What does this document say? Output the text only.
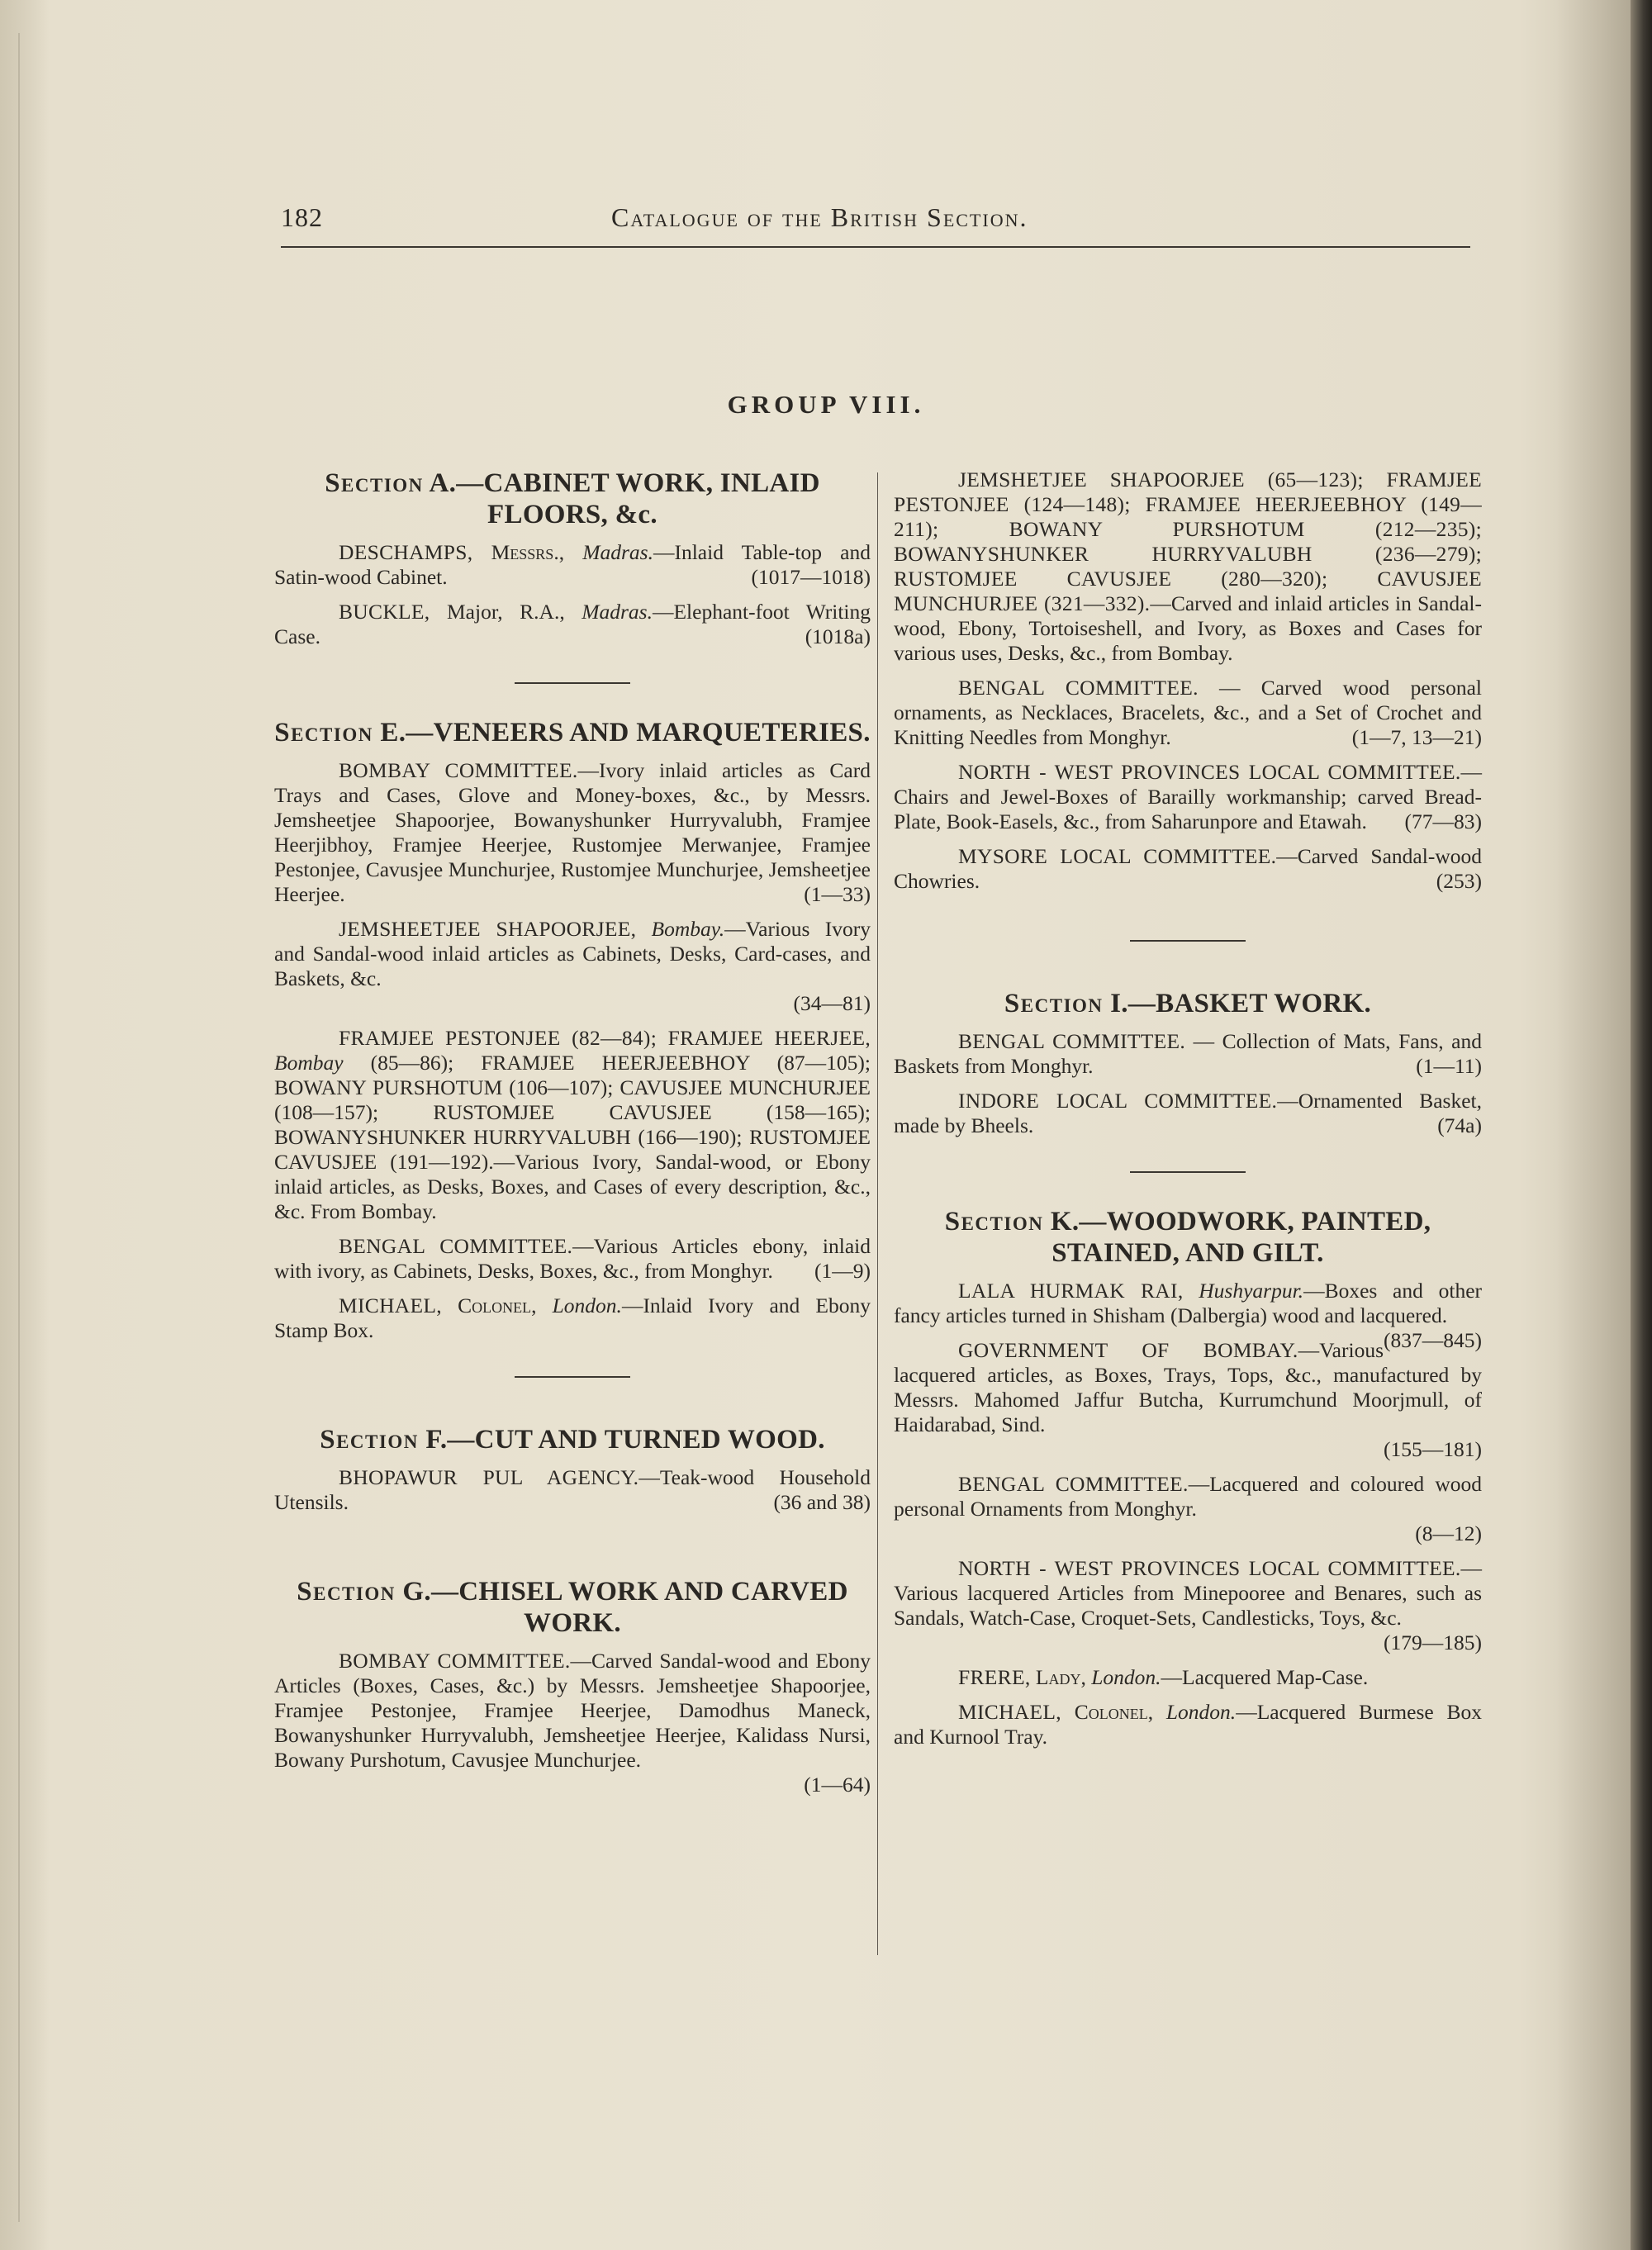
182	Catalogue of the British Section.
GROUP VIII.
Section A.—CABINET WORK, INLAID FLOORS, &c.

DESCHAMPS, Messrs., Madras.—Inlaid Table-top and Satin-wood Cabinet.	(1017—1018)

BUCKLE, Major, R.A., Madras.—Elephant-foot Writing Case.	(1018a)

Section E.—VENEERS AND MARQUETERIES.

BOMBAY COMMITTEE.—Ivory inlaid articles as Card Trays and Cases, Glove and Money-boxes, &c., by Messrs. Jemsheetjee Shapoorjee, Bowanyshunker Hurryvalubh, Framjee Heerjibhoy, Framjee Heerjee, Rustomjee Merwanjee, Framjee Pestonjee, Cavusjee Munchurjee, Rustomjee Munchurjee, Jemsheetjee Heerjee.	(1—33)

JEMSHEETJEE SHAPOORJEE, Bombay.—Various Ivory and Sandal-wood inlaid articles as Cabinets, Desks, Card-cases, and Baskets, &c.
(34—81)

FRAMJEE PESTONJEE (82—84); FRAMJEE HEERJEE, Bombay (85—86); FRAMJEE HEERJEEBHOY (87—105); BOWANY PURSHOTUM (106—107); CAVUSJEE MUNCHURJEE (108—157); RUSTOMJEE CAVUSJEE (158—165); BOWANYSHUNKER HURRYVALUBH (166—190); RUSTOMJEE CAVUSJEE (191—192).—Various Ivory, Sandal-wood, or Ebony inlaid articles, as Desks, Boxes, and Cases of every description, &c., &c. From Bombay.

BENGAL COMMITTEE.—Various Articles ebony, inlaid with ivory, as Cabinets, Desks, Boxes, &c., from Monghyr. (1—9)

MICHAEL, Colonel, London.—Inlaid Ivory and Ebony Stamp Box.

Section F.—CUT AND TURNED WOOD.

BHOPAWUR PUL AGENCY.—Teak-wood Household Utensils.	(36 and 38)

Section G.—CHISEL WORK AND CARVED WORK.

BOMBAY COMMITTEE.—Carved Sandal-wood and Ebony Articles (Boxes, Cases, &c.) by Messrs. Jemsheetjee Shapoorjee, Framjee Pestonjee, Framjee Heerjee, Damodhus Maneck, Bowanyshunker Hurryvalubh, Jemsheetjee Heerjee, Kalidass Nursi, Bowany Purshotum, Cavusjee Munchurjee.
(1—64)

JEMSHETJEE SHAPOORJEE (65—123); FRAMJEE PESTONJEE (124—148); FRAMJEE HEERJEEBHOY (149—211); BOWANY PURSHOTUM (212—235); BOWANYSHUNKER HURRYVALUBH (236—279); RUSTOMJEE CAVUSJEE (280—320); CAVUSJEE MUNCHURJEE (321—332).—Carved and inlaid articles in Sandal-wood, Ebony, Tortoiseshell, and Ivory, as Boxes and Cases for various uses, Desks, &c., from Bombay.

BENGAL COMMITTEE. — Carved wood personal ornaments, as Necklaces, Bracelets, &c., and a Set of Crochet and Knitting Needles from Monghyr.	(1—7, 13—21)

NORTH - WEST PROVINCES LOCAL COMMITTEE.—Chairs and Jewel-Boxes of Barailly workmanship; carved Bread-Plate, Book-Easels, &c., from Saharunpore and Etawah. (77—83)

MYSORE LOCAL COMMITTEE.—Carved Sandal-wood Chowries.	(253)

Section I.—BASKET WORK.

BENGAL COMMITTEE. — Collection of Mats, Fans, and Baskets from Monghyr.	(1—11)

INDORE LOCAL COMMITTEE.—Ornamented Basket, made by Bheels.	(74a)

Section K.—WOODWORK, PAINTED, STAINED, AND GILT.

LALA HURMAK RAI, Hushyarpur.—Boxes and other fancy articles turned in Shisham (Dalbergia) wood and lacquered.
(837—845)

GOVERNMENT OF BOMBAY.—Various lacquered articles, as Boxes, Trays, Tops, &c., manufactured by Messrs. Mahomed Jaffur Butcha, Kurrumchund Moorjmull, of Haidarabad, Sind.
(155—181)

BENGAL COMMITTEE.—Lacquered and coloured wood personal Ornaments from Monghyr.
(8—12)

NORTH - WEST PROVINCES LOCAL COMMITTEE.—Various lacquered Articles from Minepooree and Benares, such as Sandals, Watch-Case, Croquet-Sets, Candlesticks, Toys, &c.
(179—185)

FRERE, Lady, London.—Lacquered Map-Case.

MICHAEL, Colonel, London.—Lacquered Burmese Box and Kurnool Tray.
